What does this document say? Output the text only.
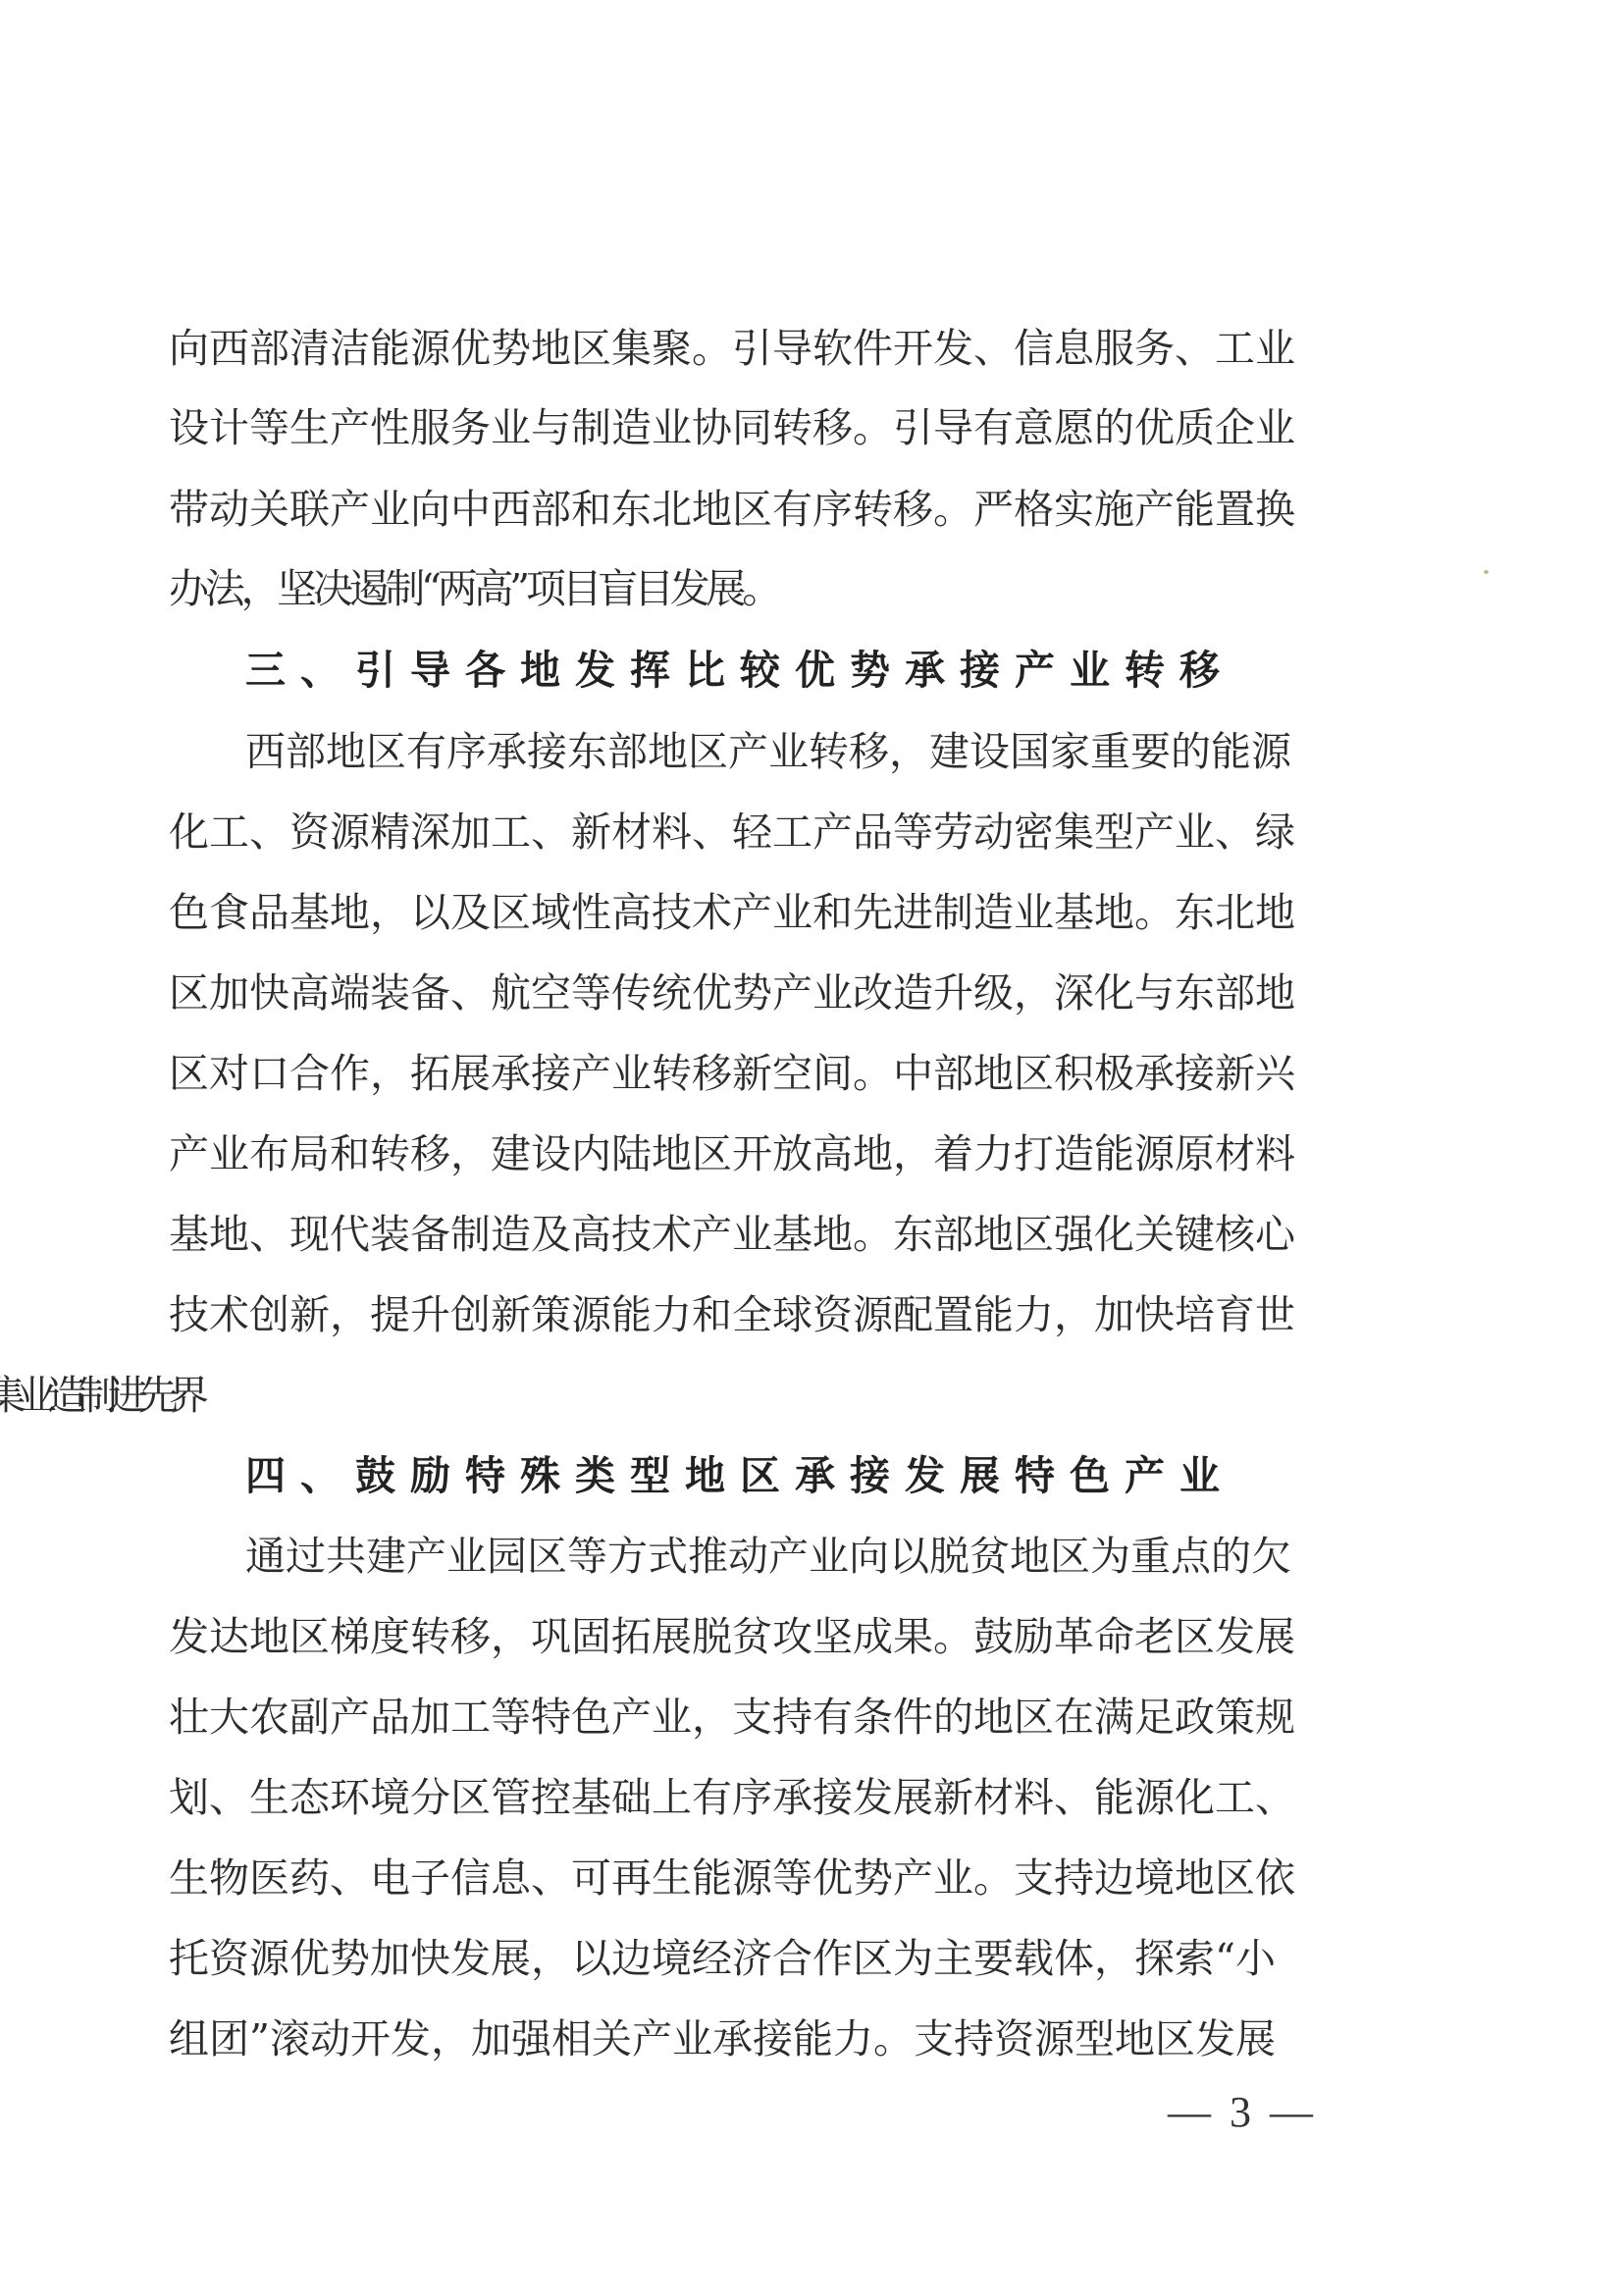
向西部清洁能源优势地区集聚。引导软件开发、信息服务、工业
设计等生产性服务业与制造业协同转移。引导有意愿的优质企业
带动关联产业向中西部和东北地区有序转移。严格实施产能置换
办法，坚决遏制“两高”项目盲目发展。
三、引导各地发挥比较优势承接产业转移
西部地区有序承接东部地区产业转移，建设国家重要的能源
化工、资源精深加工、新材料、轻工产品等劳动密集型产业、绿
色食品基地，以及区域性高技术产业和先进制造业基地。东北地
区加快高端装备、航空等传统优势产业改造升级，深化与东部地
区对口合作，拓展承接产业转移新空间。中部地区积极承接新兴
产业布局和转移，建设内陆地区开放高地，着力打造能源原材料
基地、现代装备制造及高技术产业基地。东部地区强化关键核心
技术创新，提升创新策源能力和全球资源配置能力，加快培育世
四、鼓励特殊类型地区承接发展特色产业
通过共建产业园区等方式推动产业向以脱贫地区为重点的欠
发达地区梯度转移，巩固拓展脱贫攻坚成果。鼓励革命老区发展
壮大农副产品加工等特色产业，支持有条件的地区在满足政策规
划、生态环境分区管控基础上有序承接发展新材料、能源化工、
生物医药、电子信息、可再生能源等优势产业。支持边境地区依
托资源优势加快发展，以边境经济合作区为主要载体，探索“小
组团”滚动开发，加强相关产业承接能力。支持资源型地区发展
— 3 —
